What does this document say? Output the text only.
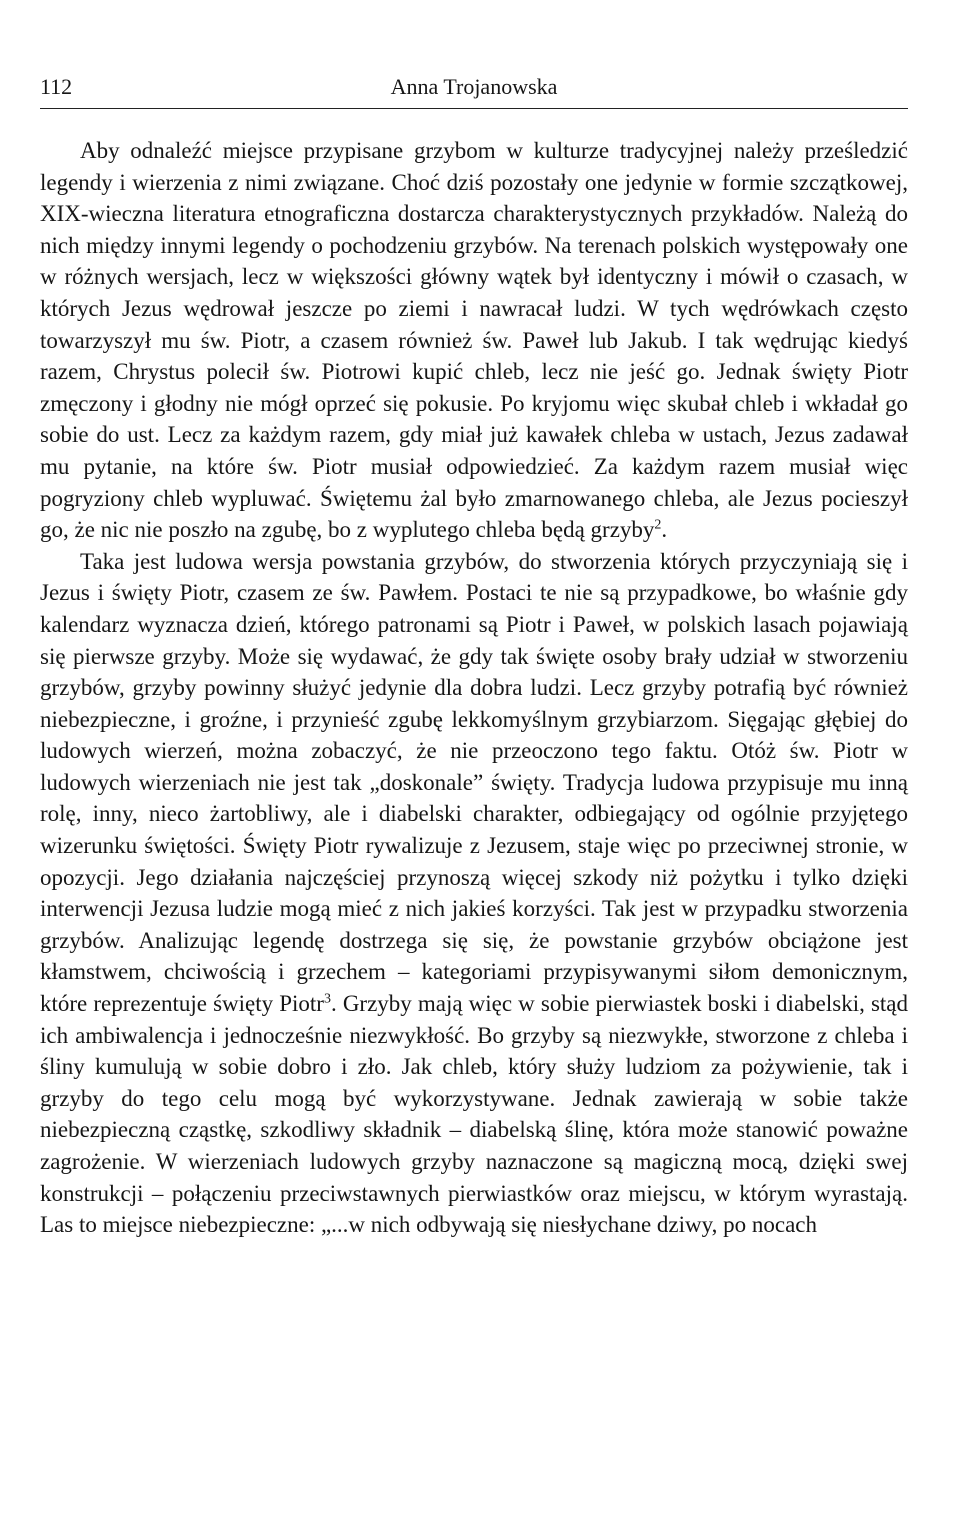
112	Anna Trojanowska

Aby odnaleźć miejsce przypisane grzybom w kulturze tradycyjnej należy prześledzić legendy i wierzenia z nimi związane. Choć dziś pozostały one jedynie w formie szczątkowej, XIX-wieczna literatura etnograficzna dostarcza charakterystycznych przykładów. Należą do nich między innymi legendy o pochodzeniu grzybów. Na terenach polskich występowały one w różnych wersjach, lecz w większości główny wątek był identyczny i mówił o czasach, w których Jezus wędrował jeszcze po ziemi i nawracał ludzi. W tych wędrówkach często towarzyszył mu św. Piotr, a czasem również św. Paweł lub Jakub. I tak wędrując kiedyś razem, Chrystus polecił św. Piotrowi kupić chleb, lecz nie jeść go. Jednak święty Piotr zmęczony i głodny nie mógł oprzeć się pokusie. Po kryjomu więc skubał chleb i wkładał go sobie do ust. Lecz za każdym razem, gdy miał już kawałek chleba w ustach, Jezus zadawał mu pytanie, na które św. Piotr musiał odpowiedzieć. Za każdym razem musiał więc pogryziony chleb wypluwać. Świętemu żal było zmarnowanego chleba, ale Jezus pocieszył go, że nic nie poszło na zgubę, bo z wyplutego chleba będą grzyby$^2$.

Taka jest ludowa wersja powstania grzybów, do stworzenia których przyczyniają się i Jezus i święty Piotr, czasem ze św. Pawłem. Postaci te nie są przypadkowe, bo właśnie gdy kalendarz wyznacza dzień, którego patronami są Piotr i Paweł, w polskich lasach pojawiają się pierwsze grzyby. Może się wydawać, że gdy tak święte osoby brały udział w stworzeniu grzybów, grzyby powinny służyć jedynie dla dobra ludzi. Lecz grzyby potrafią być również niebezpieczne, i groźne, i przynieść zgubę lekkomyślnym grzybiarzom. Sięgając głębiej do ludowych wierzeń, można zobaczyć, że nie przeoczono tego faktu. Otóż św. Piotr w ludowych wierzeniach nie jest tak „doskonale” święty. Tradycja ludowa przypisuje mu inną rolę, inny, nieco żartobliwy, ale i diabelski charakter, odbiegający od ogólnie przyjętego wizerunku świętości. Święty Piotr rywalizuje z Jezusem, staje więc po przeciwnej stronie, w opozycji. Jego działania najczęściej przynoszą więcej szkody niż pożytku i tylko dzięki interwencji Jezusa ludzie mogą mieć z nich jakieś korzyści. Tak jest w przypadku stworzenia grzybów. Analizując legendę dostrzega się się, że powstanie grzybów obciążone jest kłamstwem, chciwością i grzechem – kategoriami przypisywanymi siłom demonicznym, które reprezentuje święty Piotr$^3$. Grzyby mają więc w sobie pierwiastek boski i diabelski, stąd ich ambiwalencja i jednocześnie niezwykłość. Bo grzyby są niezwykłe, stworzone z chleba i śliny kumulują w sobie dobro i zło. Jak chleb, który służy ludziom za pożywienie, tak i grzyby do tego celu mogą być wykorzystywane. Jednak zawierają w sobie także niebezpieczną cząstkę, szkodliwy składnik – diabelską ślinę, która może stanowić poważne zagrożenie. W wierzeniach ludowych grzyby naznaczone są magiczną mocą, dzięki swej konstrukcji – połączeniu przeciwstawnych pierwiastków oraz miejscu, w którym wyrastają. Las to miejsce niebezpieczne: „...w nich odbywają się niesłychane dziwy, po nocach
